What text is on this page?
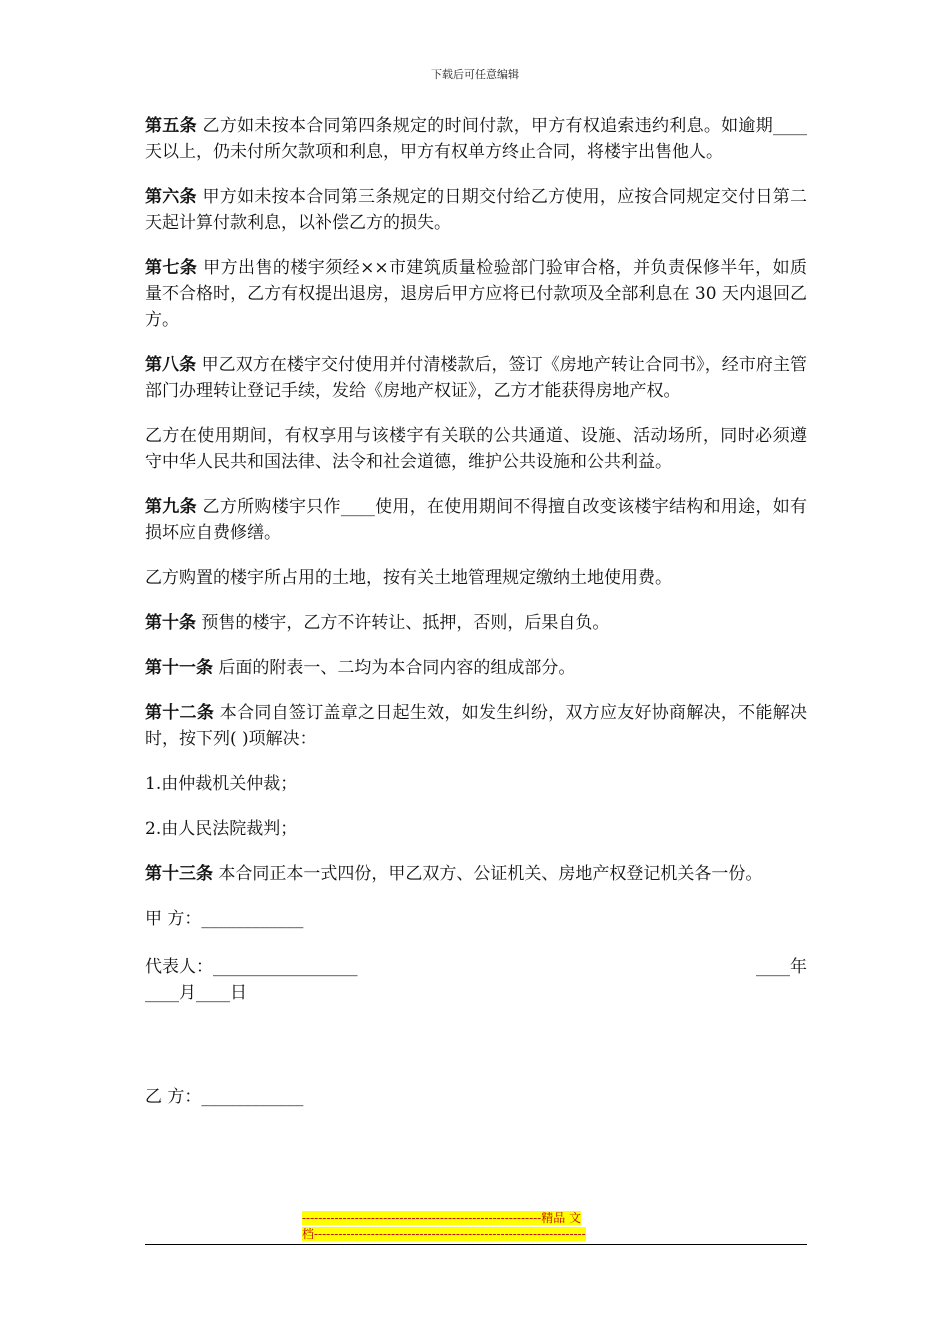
下载后可任意编辑

第五条 乙方如未按本合同第四条规定的时间付款，甲方有权追索违约利息。如逾期____天以上，仍未付所欠款项和利息，甲方有权单方终止合同，将楼宇出售他人。

第六条 甲方如未按本合同第三条规定的日期交付给乙方使用，应按合同规定交付日第二天起计算付款利息，以补偿乙方的损失。

第七条 甲方出售的楼宇须经××市建筑质量检验部门验审合格，并负责保修半年，如质量不合格时，乙方有权提出退房，退房后甲方应将已付款项及全部利息在 30 天内退回乙方。

第八条 甲乙双方在楼宇交付使用并付清楼款后，签订《房地产转让合同书》，经市府主管部门办理转让登记手续，发给《房地产权证》，乙方才能获得房地产权。

乙方在使用期间，有权享用与该楼宇有关联的公共通道、设施、活动场所，同时必须遵守中华人民共和国法律、法令和社会道德，维护公共设施和公共利益。

第九条 乙方所购楼宇只作____使用，在使用期间不得擅自改变该楼宇结构和用途，如有损坏应自费修缮。

乙方购置的楼宇所占用的土地，按有关土地管理规定缴纳土地使用费。

第十条 预售的楼宇，乙方不许转让、抵押，否则，后果自负。

第十一条 后面的附表一、二均为本合同内容的组成部分。

第十二条 本合同自签订盖章之日起生效，如发生纠纷，双方应友好协商解决，不能解决时，按下列( )项解决：

1.由仲裁机关仲裁；

2.由人民法院裁判；

第十三条 本合同正本一式四份，甲乙双方、公证机关、房地产权登记机关各一份。

甲 方：____________
代表人：_________________	____年
____月____日
乙 方：____________
-----------------------------------------------------------精品 文
档-------------------------------------------------------------------
